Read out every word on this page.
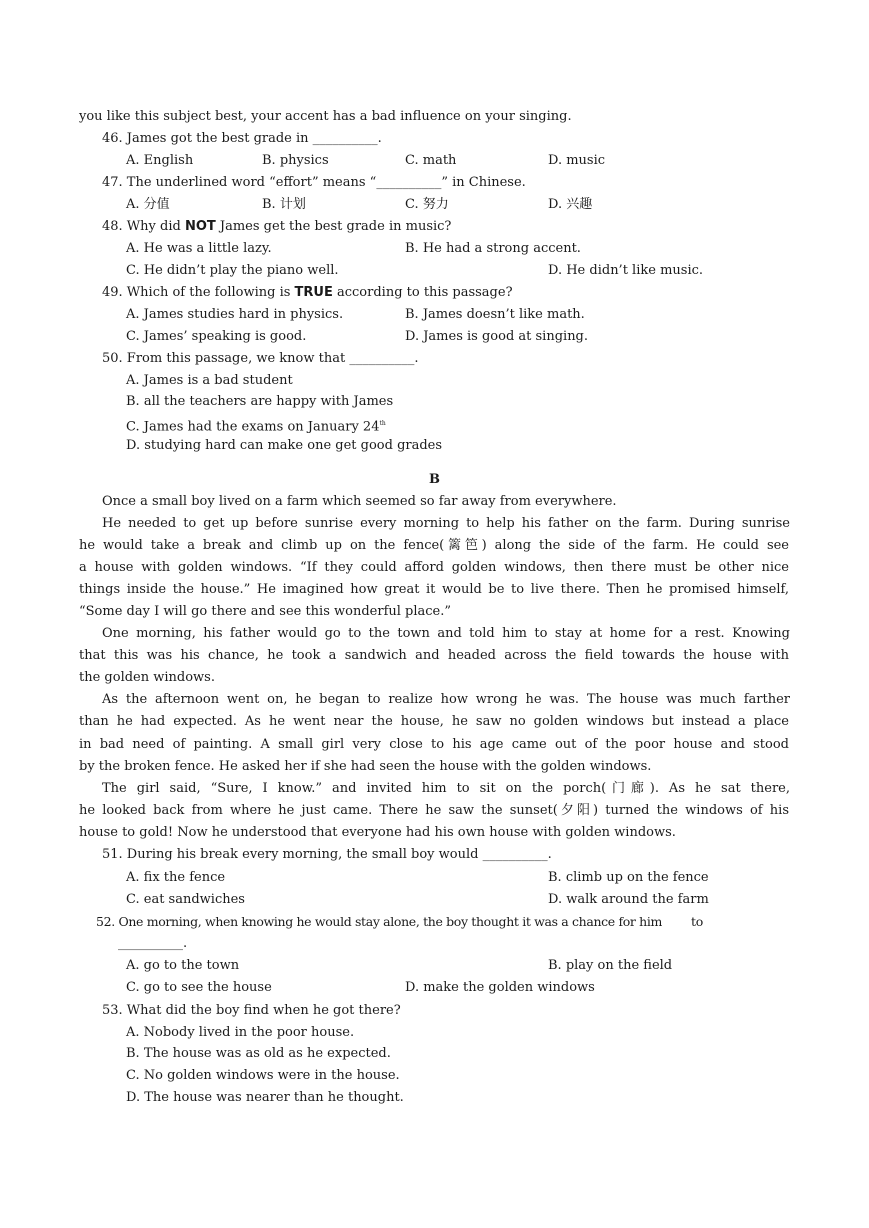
you like this subject best, your accent has a bad influence on your singing.
46. James got the best grade in __________.
A. English	B. physics	C. math	D. music
47. The underlined word “effort” means “__________” in Chinese.
A. 分值	B. 计划	C. 努力	D. 兴趣
48. Why did NOT James get the best grade in music?
A. He was a little lazy.	B. He had a strong accent.
C. He didn’t play the piano well.	D. He didn’t like music.
49. Which of the following is TRUE according to this passage?
A. James studies hard in physics.	B. James doesn’t like math.
C. James’ speaking is good.	D. James is good at singing.
50. From this passage, we know that __________.
A. James is a bad student
B. all the teachers are happy with James
C. James had the exams on January 24th
D. studying hard can make one get good grades
B
Once a small boy lived on a farm which seemed so far away from everywhere.
He needed to get up before sunrise every morning to help his father on the farm. During sunrise
he would take a break and climb up on the fence(篱笆) along the side of the farm. He could see
a house with golden windows. “If they could afford golden windows, then there must be other nice
things inside the house.” He imagined how great it would be to live there. Then he promised himself,
“Some day I will go there and see this wonderful place.”
One morning, his father would go to the town and told him to stay at home for a rest. Knowing
that this was his chance, he took a sandwich and headed across the field towards the house with
the golden windows.
As the afternoon went on, he began to realize how wrong he was. The house was much farther
than he had expected. As he went near the house, he saw no golden windows but instead a place
in bad need of painting. A small girl very close to his age came out of the poor house and stood
by the broken fence. He asked her if she had seen the house with the golden windows.
The girl said, “Sure, I know.” and invited him to sit on the porch(门廊). As he sat there,
he looked back from where he just came. There he saw the sunset(夕阳) turned the windows of his
house to gold! Now he understood that everyone had his own house with golden windows.
51. During his break every morning, the small boy would __________.
A. fix the fence	B. climb up on the fence
C. eat sandwiches	D. walk around the farm
52. One morning, when knowing he would stay alone, the boy thought it was a chance for him        to
__________.
A. go to the town	B. play on the field
C. go to see the house	D. make the golden windows
53. What did the boy find when he got there?
A. Nobody lived in the poor house.
B. The house was as old as he expected.
C. No golden windows were in the house.
D. The house was nearer than he thought.
